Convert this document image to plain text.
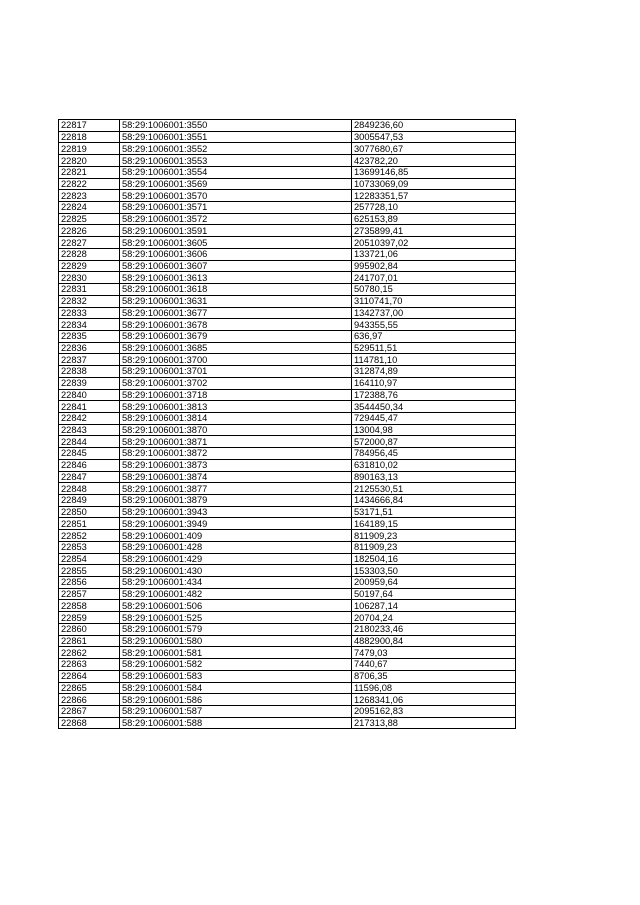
22817	58:29:1006001:3550	2849236,60
22818	58:29:1006001:3551	3005547,53
22819	58:29:1006001:3552	3077680,67
22820	58:29:1006001:3553	423782,20
22821	58:29:1006001:3554	13699146,85
22822	58:29:1006001:3569	10733069,09
22823	58:29:1006001:3570	12283351,57
22824	58:29:1006001:3571	257728,10
22825	58:29:1006001:3572	625153,89
22826	58:29:1006001:3591	2735899,41
22827	58:29:1006001:3605	20510397,02
22828	58:29:1006001:3606	133721,06
22829	58:29:1006001:3607	995902,84
22830	58:29:1006001:3613	241707,01
22831	58:29:1006001:3618	50780,15
22832	58:29:1006001:3631	3110741,70
22833	58:29:1006001:3677	1342737,00
22834	58:29:1006001:3678	943355,55
22835	58:29:1006001:3679	636,97
22836	58:29:1006001:3685	529511,51
22837	58:29:1006001:3700	114781,10
22838	58:29:1006001:3701	312874,89
22839	58:29:1006001:3702	164110,97
22840	58:29:1006001:3718	172388,76
22841	58:29:1006001:3813	3544450,34
22842	58:29:1006001:3814	729445,47
22843	58:29:1006001:3870	13004,98
22844	58:29:1006001:3871	572000,87
22845	58:29:1006001:3872	784956,45
22846	58:29:1006001:3873	631810,02
22847	58:29:1006001:3874	890163,13
22848	58:29:1006001:3877	2125530,51
22849	58:29:1006001:3879	1434666,84
22850	58:29:1006001:3943	53171,51
22851	58:29:1006001:3949	164189,15
22852	58:29:1006001:409	811909,23
22853	58:29:1006001:428	811909,23
22854	58:29:1006001:429	182504,16
22855	58:29:1006001:430	153303,50
22856	58:29:1006001:434	200959,64
22857	58:29:1006001:482	50197,64
22858	58:29:1006001:506	106287,14
22859	58:29:1006001:525	20704,24
22860	58:29:1006001:579	2180233,46
22861	58:29:1006001:580	4882900,84
22862	58:29:1006001:581	7479,03
22863	58:29:1006001:582	7440,67
22864	58:29:1006001:583	8706,35
22865	58:29:1006001:584	11596,08
22866	58:29:1006001:586	1268341,06
22867	58:29:1006001:587	2095162,83
22868	58:29:1006001:588	217313,88
